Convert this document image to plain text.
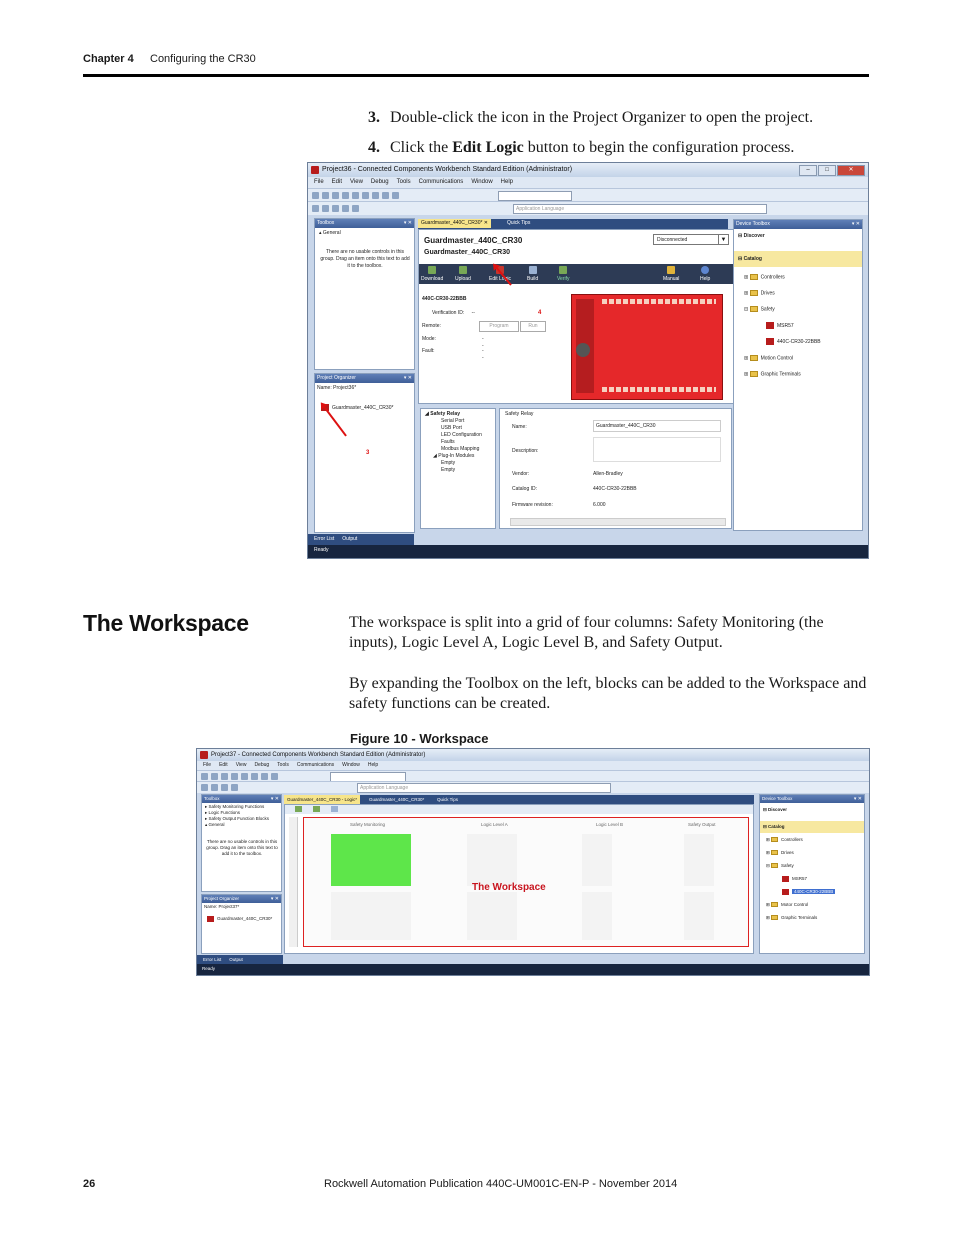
Chapter 4 Configuring the CR30
3. Double-click the icon in the Project Organizer to open the project.
4. Click the Edit Logic button to begin the configuration process.
Project36 - Connected Components Workbench Standard Edition (Administrator)	–	□	✕
File Edit View Debug Tools Communications Window Help
Application Language
Toolbox	▾ ✕
▴ General
There are no usable controls in this group. Drag an item onto this text to add it to the toolbox.
Project Organizer	▾ ✕
Name: Project36*
Guardmaster_440C_CR30*
Guardmaster_440C_CR30* ✕	Quick Tips
Guardmaster_440C_CR30
Guardmaster_440C_CR30
Disconnected	▼
Download Upload	Edit Logic	Build	Verify	Manual	Help
440C-CR30-22BBB
Verification ID: --
Remote:	Program	Run
Mode:	--
Fault:	--
4
◢ Safety Relay
Serial Port
USB Port
LED Configuration
Faults
Modbus Mapping
◢ Plug-In Modules
Empty
Empty
Safety Relay
Name:	Guardmaster_440C_CR30
Description:
Vendor:	Allen-Bradley
Catalog ID:	440C-CR30-22BBB
Firmware revision:	6.000
Device Toolbox	▾ ✕
⊟ Discover
⊟ Catalog
⊞ Controllers
⊞ Drives
⊟ Safety
MSR57
440C-CR30-22BBB
⊞ Motion Control
⊞ Graphic Terminals
3
Error List Output
Ready
The Workspace	The workspace is split into a grid of four columns: Safety Monitoring (the inputs), Logic Level A, Logic Level B, and Safety Output.
By expanding the Toolbox on the left, blocks can be added to the Workspace and safety functions can be created.
Figure 10 - Workspace
Project37 - Connected Components Workbench Standard Edition (Administrator)
File Edit View Debug Tools Communications Window Help
Application Language
Toolbox	▾ ✕
▸ Safety Monitoring Functions
▸ Logic Functions
▸ Safety Output Function Blocks
▴ General
There are no usable controls in this group. Drag an item onto this text to add it to the toolbox.
Project Organizer	▾ ✕
Name: Project37*
Guardmaster_440C_CR30*
Guardmaster_440C_CR30 - Logic*	Guardmaster_440C_CR30*	Quick Tips
Safety Monitoring	Logic Level A	Logic Level B	Safety Output
The Workspace
Device Toolbox	▾ ✕
⊟ Discover
⊟ Catalog
⊞ Controllers
⊞ Drives
⊟ Safety
MSR57
440C-CR30-22BBB
⊞ Motor Control
⊞ Graphic Terminals
Error List Output
Ready
26	Rockwell Automation Publication 440C-UM001C-EN-P - November 2014
